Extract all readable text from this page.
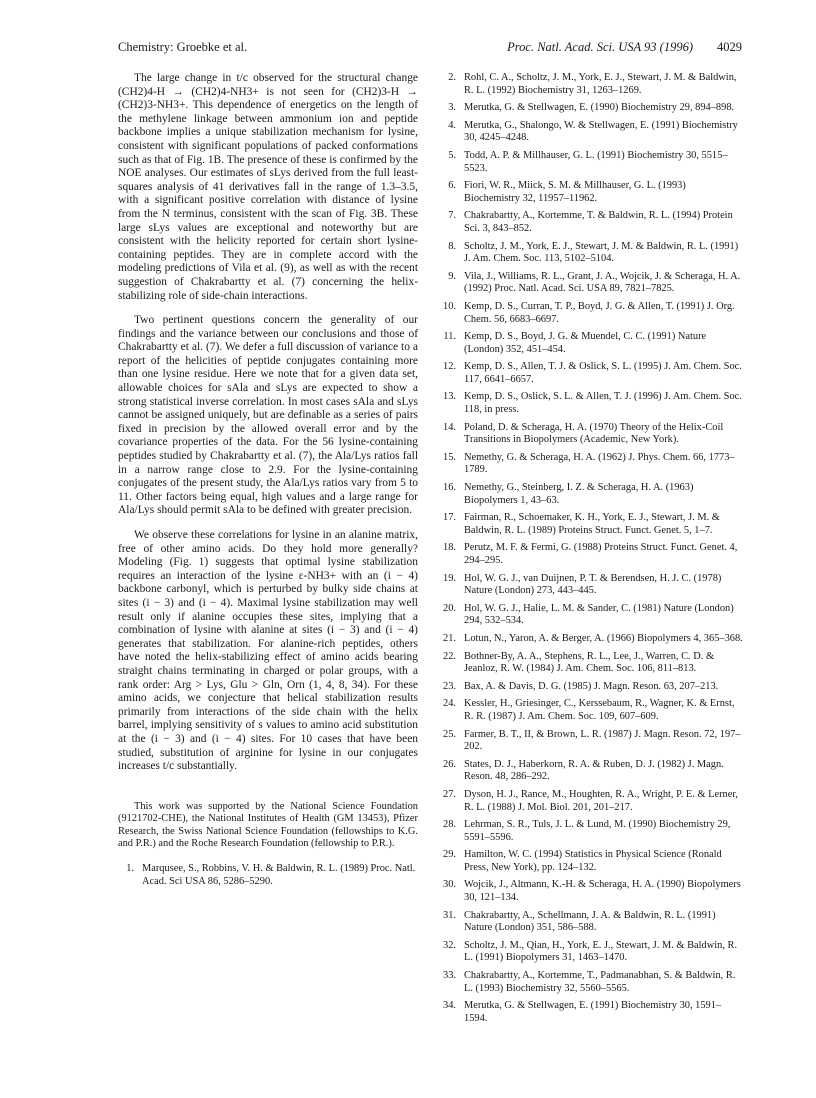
Chemistry: Groebke et al.	Proc. Natl. Acad. Sci. USA 93 (1996) 4029

The large change in t/c observed for the structural change (CH2)4-H → (CH2)4-NH3+ is not seen for (CH2)3-H → (CH2)3-NH3+. This dependence of energetics on the length of the methylene linkage between ammonium ion and peptide backbone implies a unique stabilization mechanism for lysine, consistent with significant populations of packed conformations such as that of Fig. 1B. The presence of these is confirmed by the NOE analyses. Our estimates of sLys derived from the full least-squares analysis of 41 derivatives fall in the range of 1.3–3.5, with a significant positive correlation with distance of lysine from the N terminus, consistent with the scan of Fig. 3B. These large sLys values are exceptional and noteworthy but are consistent with the helicity reported for certain short lysine-containing peptides. They are in complete accord with the modeling predictions of Vila et al. (9), as well as with the recent suggestion of Chakrabartty et al. (7) concerning the helix-stabilizing role of side-chain interactions.

Two pertinent questions concern the generality of our findings and the variance between our conclusions and those of Chakrabartty et al. (7). We defer a full discussion of variance to a report of the helicities of peptide conjugates containing more than one lysine residue. Here we note that for a given data set, allowable choices for sAla and sLys are expected to show a strong statistical inverse correlation. In most cases sAla and sLys cannot be assigned uniquely, but are definable as a series of pairs fixed in precision by the allowed overall error and by the covariance properties of the data. For the 56 lysine-containing peptides studied by Chakrabartty et al. (7), the Ala/Lys ratios fall in a narrow range close to 2.9. For the lysine-containing conjugates of the present study, the Ala/Lys ratios vary from 5 to 11. Other factors being equal, high values and a large range for Ala/Lys should permit sAla to be defined with greater precision.

We observe these correlations for lysine in an alanine matrix, free of other amino acids. Do they hold more generally? Modeling (Fig. 1) suggests that optimal lysine stabilization requires an interaction of the lysine ε-NH3+ with an (i − 4) backbone carbonyl, which is perturbed by bulky side chains at sites (i − 3) and (i − 4). Maximal lysine stabilization may well result only if alanine occupies these sites, implying that a combination of lysine with alanine at sites (i − 3) and (i − 4) generates that stabilization. For alanine-rich peptides, others have noted the helix-stabilizing effect of amino acids bearing straight chains terminating in charged or polar groups, with a rank order: Arg > Lys, Glu > Gln, Orn (1, 4, 8, 34). For these amino acids, we conjecture that helical stabilization results primarily from interactions of the side chain with the helix barrel, implying sensitivity of s values to amino acid substitution at the (i − 3) and (i − 4) sites. For 10 cases that have been studied, substitution of arginine for lysine in our conjugates increases t/c substantially.

This work was supported by the National Science Foundation (9121702-CHE), the National Institutes of Health (GM 13453), Pfizer Research, the Swiss National Science Foundation (fellowships to K.G. and P.R.) and the Roche Research Foundation (fellowship to P.R.).

1. Marqusee, S., Robbins, V. H. & Baldwin, R. L. (1989) Proc. Natl. Acad. Sci USA 86, 5286–5290.
2. Rohl, C. A., Scholtz, J. M., York, E. J., Stewart, J. M. & Baldwin, R. L. (1992) Biochemistry 31, 1263–1269.
3. Merutka, G. & Stellwagen, E. (1990) Biochemistry 29, 894–898.
4. Merutka, G., Shalongo, W. & Stellwagen, E. (1991) Biochemistry 30, 4245–4248.
5. Todd, A. P. & Millhauser, G. L. (1991) Biochemistry 30, 5515–5523.
6. Fiori, W. R., Miick, S. M. & Millhauser, G. L. (1993) Biochemistry 32, 11957–11962.
7. Chakrabartty, A., Kortemme, T. & Baldwin, R. L. (1994) Protein Sci. 3, 843–852.
8. Scholtz, J. M., York, E. J., Stewart, J. M. & Baldwin, R. L. (1991) J. Am. Chem. Soc. 113, 5102–5104.
9. Vila, J., Williams, R. L., Grant, J. A., Wojcik, J. & Scheraga, H. A. (1992) Proc. Natl. Acad. Sci. USA 89, 7821–7825.
10. Kemp, D. S., Curran, T. P., Boyd, J. G. & Allen, T. (1991) J. Org. Chem. 56, 6683–6697.
11. Kemp, D. S., Boyd, J. G. & Muendel, C. C. (1991) Nature (London) 352, 451–454.
12. Kemp, D. S., Allen, T. J. & Oslick, S. L. (1995) J. Am. Chem. Soc. 117, 6641–6657.
13. Kemp, D. S., Oslick, S. L. & Allen, T. J. (1996) J. Am. Chem. Soc. 118, in press.
14. Poland, D. & Scheraga, H. A. (1970) Theory of the Helix-Coil Transitions in Biopolymers (Academic, New York).
15. Nemethy, G. & Scheraga, H. A. (1962) J. Phys. Chem. 66, 1773–1789.
16. Nemethy, G., Steinberg, I. Z. & Scheraga, H. A. (1963) Biopolymers 1, 43–63.
17. Fairman, R., Schoemaker, K. H., York, E. J., Stewart, J. M. & Baldwin, R. L. (1989) Proteins Struct. Funct. Genet. 5, 1–7.
18. Perutz, M. F. & Fermi, G. (1988) Proteins Struct. Funct. Genet. 4, 294–295.
19. Hol, W. G. J., van Duijnen, P. T. & Berendsen, H. J. C. (1978) Nature (London) 273, 443–445.
20. Hol, W. G. J., Halie, L. M. & Sander, C. (1981) Nature (London) 294, 532–534.
21. Lotun, N., Yaron, A. & Berger, A. (1966) Biopolymers 4, 365–368.
22. Bothner-By, A. A., Stephens, R. L., Lee, J., Warren, C. D. & Jeanloz, R. W. (1984) J. Am. Chem. Soc. 106, 811–813.
23. Bax, A. & Davis, D. G. (1985) J. Magn. Reson. 63, 207–213.
24. Kessler, H., Griesinger, C., Kerssebaum, R., Wagner, K. & Ernst, R. R. (1987) J. Am. Chem. Soc. 109, 607–609.
25. Farmer, B. T., II, & Brown, L. R. (1987) J. Magn. Reson. 72, 197–202.
26. States, D. J., Haberkorn, R. A. & Ruben, D. J. (1982) J. Magn. Reson. 48, 286–292.
27. Dyson, H. J., Rance, M., Houghten, R. A., Wright, P. E. & Lerner, R. L. (1988) J. Mol. Biol. 201, 201–217.
28. Lehrman, S. R., Tuls, J. L. & Lund, M. (1990) Biochemistry 29, 5591–5596.
29. Hamilton, W. C. (1994) Statistics in Physical Science (Ronald Press, New York), pp. 124–132.
30. Wojcik, J., Altmann, K.-H. & Scheraga, H. A. (1990) Biopolymers 30, 121–134.
31. Chakrabartty, A., Schellmann, J. A. & Baldwin, R. L. (1991) Nature (London) 351, 586–588.
32. Scholtz, J. M., Qian, H., York, E. J., Stewart, J. M. & Baldwin, R. L. (1991) Biopolymers 31, 1463–1470.
33. Chakrabartty, A., Kortemme, T., Padmanabhan, S. & Baldwin, R. L. (1993) Biochemistry 32, 5560–5565.
34. Merutka, G. & Stellwagen, E. (1991) Biochemistry 30, 1591–1594.
